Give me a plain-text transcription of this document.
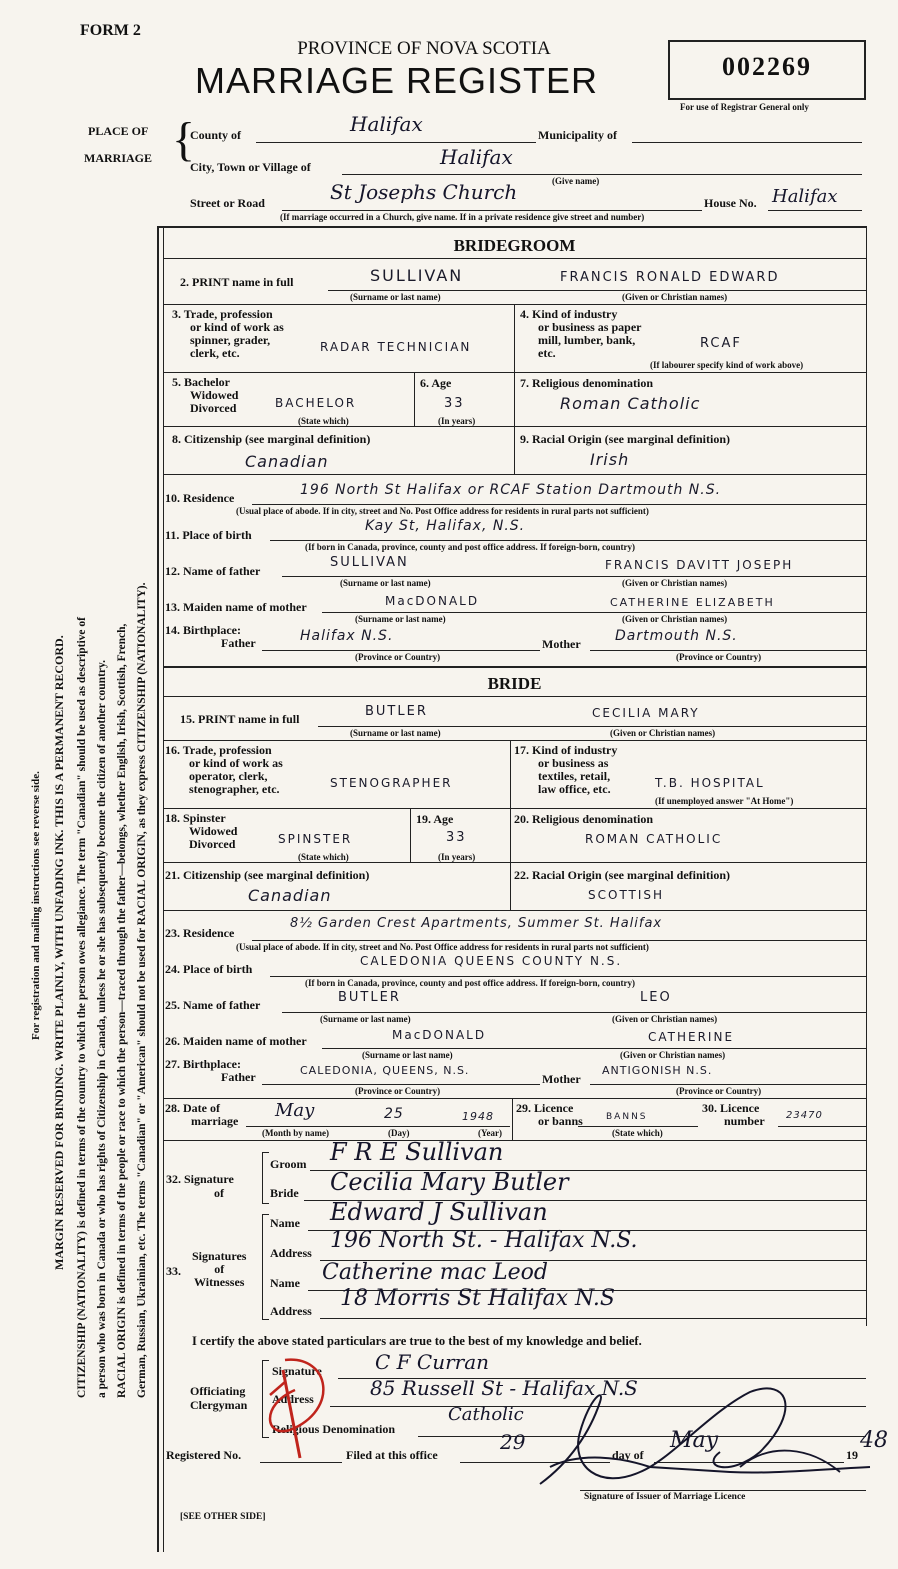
FORM 2
PROVINCE OF NOVA SCOTIA
MARRIAGE REGISTER	002269
For use of Registrar General only
PLACE OF
MARRIAGE {
County of	Halifax	Municipality of
City, Town or Village of	Halifax
(Give name)
Street or Road	St Josephs Church	House No. Halifax
(If marriage occurred in a Church, give name. If in a private residence give street and number)
For registration and mailing instructions see reverse side. MARGIN RESERVED FOR BINDING. WRITE PLAINLY, WITH UNFADING INK. THIS IS A PERMANENT RECORD. CITIZENSHIP (NATIONALITY) is defined in terms of the country to which the person owes allegiance. The term "Canadian" should be used as descriptive of a person who was born in Canada or who has rights of Citizenship in Canada, unless he or she has subsequently become the citizen of another country. RACIAL ORIGIN is defined in terms of the people or race to which the person—traced through the father—belongs, whether English, Irish, Scottish, French, German, Russian, Ukrainian, etc. The terms "Canadian" or "American" should not be used for RACIAL ORIGIN, as they express CITIZENSHIP (NATIONALITY).
BRIDEGROOM
2. PRINT name in full	SULLIVAN	FRANCIS RONALD EDWARD
(Surname or last name)	(Given or Christian names)
3. Trade, profession
or kind of work as
spinner, grader,
clerk, etc.	RADAR TECHNICIAN
4. Kind of industry
or business as paper
mill, lumber, bank,
etc.
RCAF
(If labourer specify kind of work above)
5. Bachelor
Widowed
Divorced	BACHELOR
(State which)
6. Age
33
(In years)
7. Religious denomination
Roman Catholic
8. Citizenship (see marginal definition)
Canadian
9. Racial Origin (see marginal definition)
Irish
10. Residence	196 North St Halifax or RCAF Station Dartmouth N.S.
(Usual place of abode. If in city, street and No. Post Office address for residents in rural parts not sufficient)
11. Place of birth
Kay St, Halifax, N.S.
(If born in Canada, province, county and post office address. If foreign-born, country)
12. Name of father
SULLIVAN	FRANCIS DAVITT JOSEPH
(Surname or last name)	(Given or Christian names)
13. Maiden name of mother	MacDONALD	CATHERINE ELIZABETH
(Surname or last name)	(Given or Christian names)
14. Birthplace:
Father	Halifax N.S.	Mother Dartmouth N.S.
(Province or Country)	(Province or Country)
BRIDE
15. PRINT name in full	BUTLER	CECILIA MARY
(Surname or last name)	(Given or Christian names)
16. Trade, profession
or kind of work as
operator, clerk,
stenographer, etc.	STENOGRAPHER
17. Kind of industry
or business as
textiles, retail,
law office, etc.	T.B. HOSPITAL
(If unemployed answer "At Home")
18. Spinster
Widowed
Divorced	SPINSTER
(State which)
19. Age
33
(In years)
20. Religious denomination
ROMAN CATHOLIC
21. Citizenship (see marginal definition)
Canadian
22. Racial Origin (see marginal definition)
SCOTTISH
23. Residence
8½ Garden Crest Apartments, Summer St. Halifax
(Usual place of abode. If in city, street and No. Post Office address for residents in rural parts not sufficient)
24. Place of birth
CALEDONIA QUEENS COUNTY N.S.
(If born in Canada, province, county and post office address. If foreign-born, country)
25. Name of father	BUTLER	LEO
(Surname or last name)	(Given or Christian names)
26. Maiden name of mother	MacDONALD	CATHERINE
(Surname or last name)	(Given or Christian names)
27. Birthplace:
Father	CALEDONIA, QUEENS, N.S.
Mother
ANTIGONISH N.S.
(Province or Country)	(Province or Country)
28. Date of
marriage May	25	1948
(Month by name)	(Day)	(Year)
29. Licence
or banns	BANNS
(State which)
30. Licence
number 23470
32. Signature
of
Groom F R E Sullivan
Bride Cecilia Mary Butler
33.
Signatures
of
Witnesses
Name Edward J Sullivan
Address 196 North St. - Halifax N.S.
Name Catherine mac Leod
Address 18 Morris St Halifax N.S
I certify the above stated particulars are true to the best of my knowledge and belief.
Officiating
Clergyman
Signature	C F Curran
Address	85 Russell St - Halifax N.S
Religious Denomination
Catholic
Registered No.	Filed at this office
29
day of
May
19
48
Signature of Issuer of Marriage Licence
[SEE OTHER SIDE]
